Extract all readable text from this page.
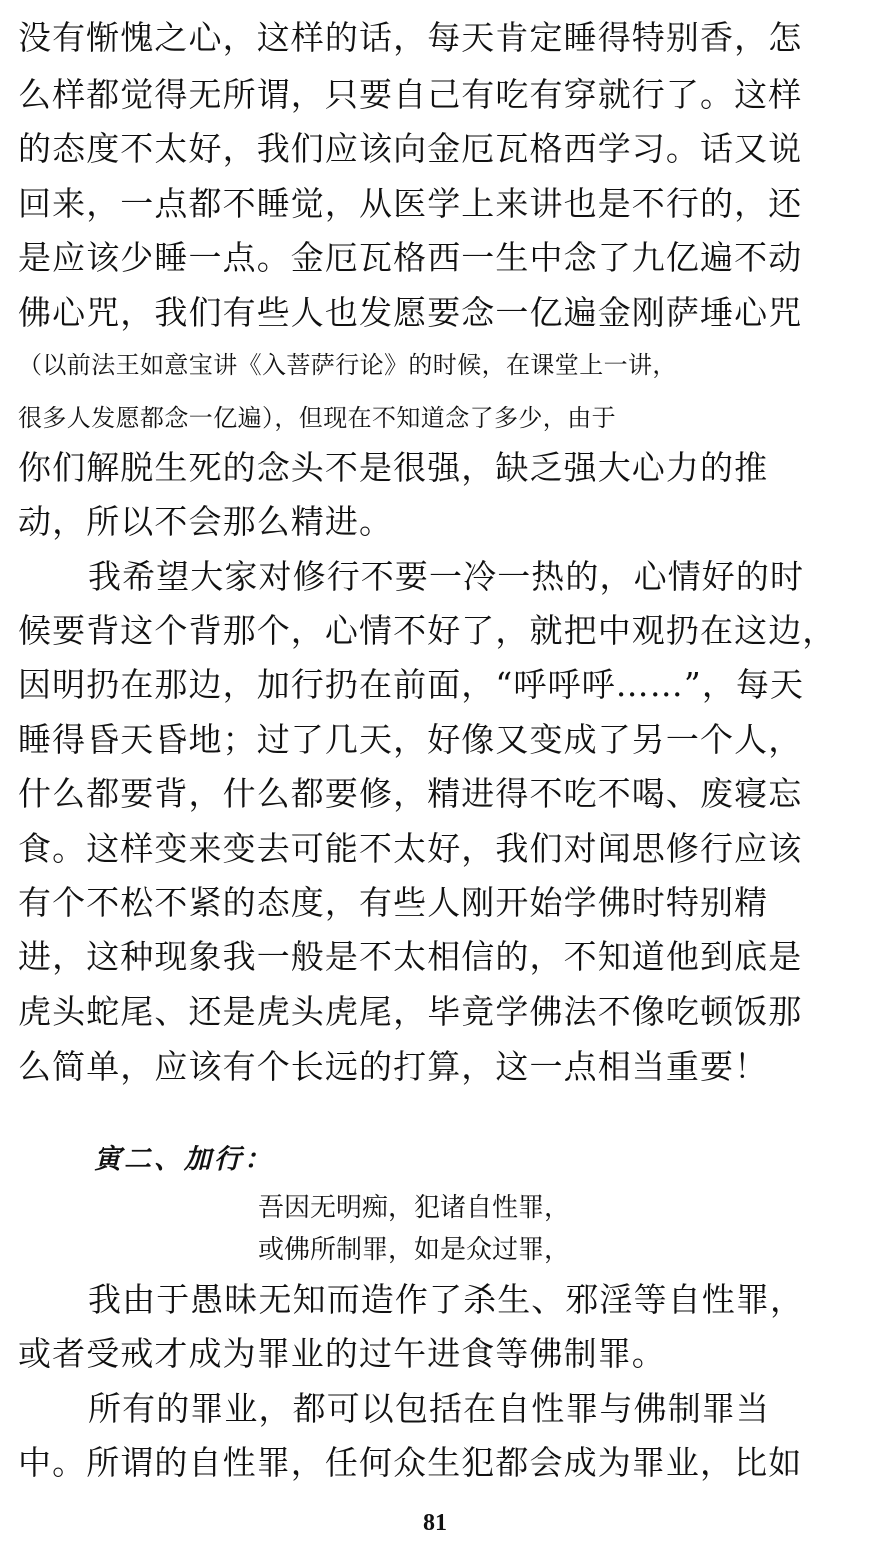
没有惭愧之心，这样的话，每天肯定睡得特别香，怎
么样都觉得无所谓，只要自己有吃有穿就行了。这样
的态度不太好，我们应该向金厄瓦格西学习。话又说
回来，一点都不睡觉，从医学上来讲也是不行的，还
是应该少睡一点。金厄瓦格西一生中念了九亿遍不动
佛心咒，我们有些人也发愿要念一亿遍金刚萨埵心咒
（以前法王如意宝讲《入菩萨行论》的时候，在课堂上一讲，
很多人发愿都念一亿遍），但现在不知道念了多少，由于
你们解脱生死的念头不是很强，缺乏强大心力的推
动，所以不会那么精进。
我希望大家对修行不要一冷一热的，心情好的时
候要背这个背那个，心情不好了，就把中观扔在这边，
因明扔在那边，加行扔在前面，“呼呼呼……”，每天
睡得昏天昏地；过了几天，好像又变成了另一个人，
什么都要背，什么都要修，精进得不吃不喝、废寝忘
食。这样变来变去可能不太好，我们对闻思修行应该
有个不松不紧的态度，有些人刚开始学佛时特别精
进，这种现象我一般是不太相信的，不知道他到底是
虎头蛇尾、还是虎头虎尾，毕竟学佛法不像吃顿饭那
么简单，应该有个长远的打算，这一点相当重要！
寅二、加行：
吾因无明痴，犯诸自性罪，
或佛所制罪，如是众过罪，
我由于愚昧无知而造作了杀生、邪淫等自性罪，
或者受戒才成为罪业的过午进食等佛制罪。
所有的罪业，都可以包括在自性罪与佛制罪当
中。所谓的自性罪，任何众生犯都会成为罪业，比如
81
